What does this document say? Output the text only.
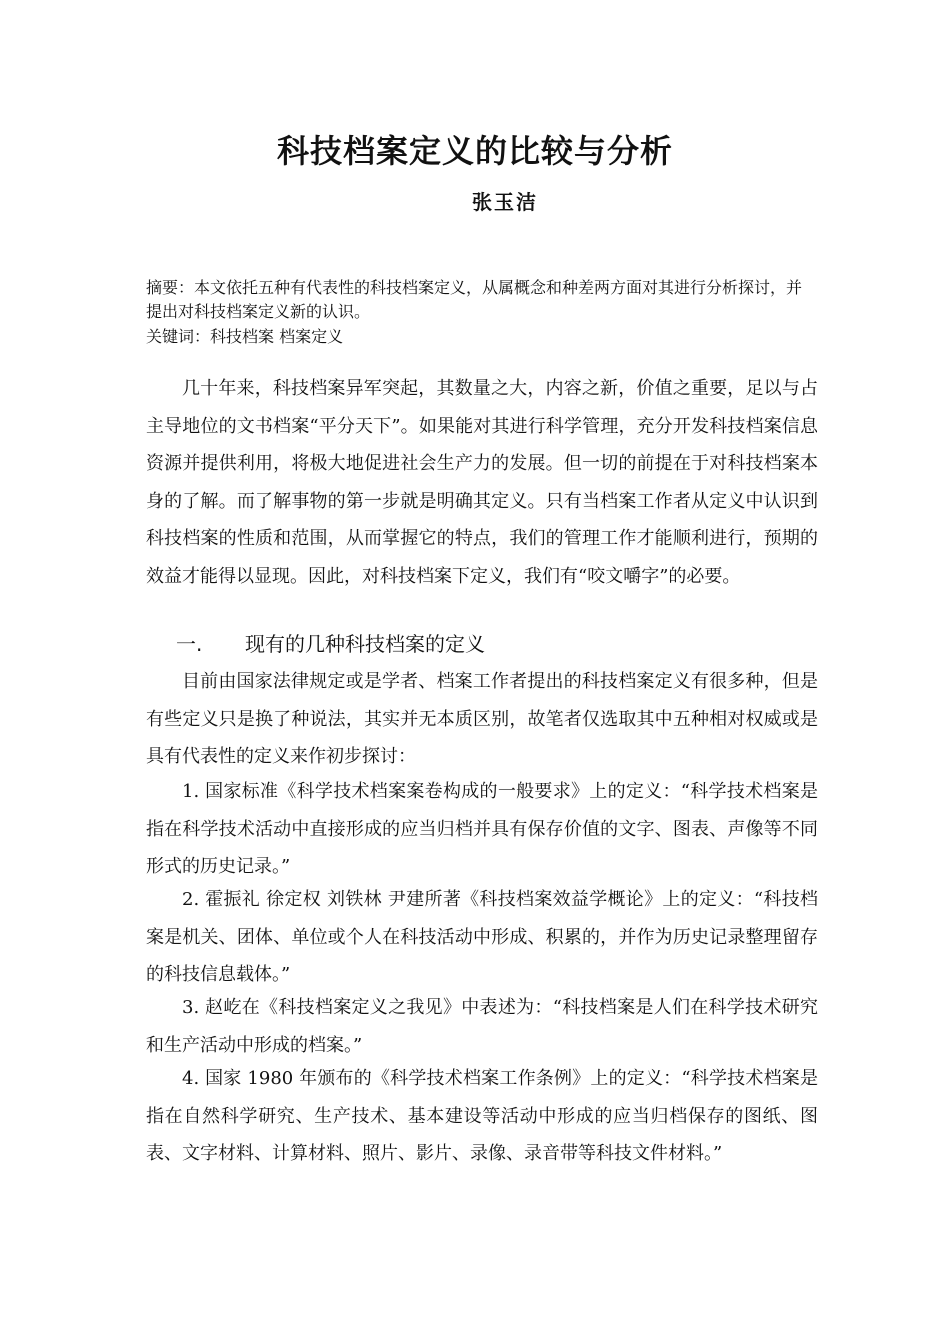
科技档案定义的比较与分析
张玉洁
摘要：本文依托五种有代表性的科技档案定义，从属概念和种差两方面对其进行分析探讨，并提出对科技档案定义新的认识。
关键词：科技档案 档案定义
几十年来，科技档案异军突起，其数量之大，内容之新，价值之重要，足以与占主导地位的文书档案“平分天下”。如果能对其进行科学管理，充分开发科技档案信息资源并提供利用，将极大地促进社会生产力的发展。但一切的前提在于对科技档案本身的了解。而了解事物的第一步就是明确其定义。只有当档案工作者从定义中认识到科技档案的性质和范围，从而掌握它的特点，我们的管理工作才能顺利进行，预期的效益才能得以显现。因此，对科技档案下定义，我们有“咬文嚼字”的必要。
一. 现有的几种科技档案的定义
目前由国家法律规定或是学者、档案工作者提出的科技档案定义有很多种，但是有些定义只是换了种说法，其实并无本质区别，故笔者仅选取其中五种相对权威或是具有代表性的定义来作初步探讨：
1. 国家标准《科学技术档案案卷构成的一般要求》上的定义：“科学技术档案是指在科学技术活动中直接形成的应当归档并具有保存价值的文字、图表、声像等不同形式的历史记录。”
2. 霍振礼 徐定权 刘铁林 尹建所著《科技档案效益学概论》上的定义：“科技档案是机关、团体、单位或个人在科技活动中形成、积累的，并作为历史记录整理留存的科技信息载体。”
3. 赵屹在《科技档案定义之我见》中表述为：“科技档案是人们在科学技术研究和生产活动中形成的档案。”
4. 国家 1980 年颁布的《科学技术档案工作条例》上的定义：“科学技术档案是指在自然科学研究、生产技术、基本建设等活动中形成的应当归档保存的图纸、图表、文字材料、计算材料、照片、影片、录像、录音带等科技文件材料。”
